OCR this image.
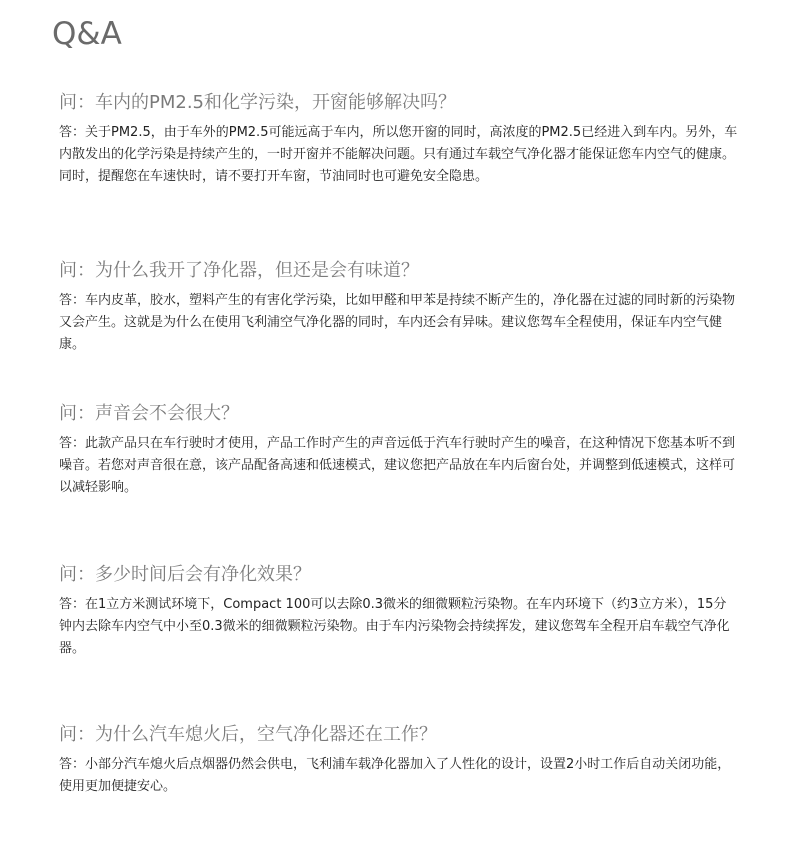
Q&A

问：车内的PM2.5和化学污染，开窗能够解决吗？

答：关于PM2.5，由于车外的PM2.5可能远高于车内，所以您开窗的同时，高浓度的PM2.5已经进入到车内。另外，车内散发出的化学污染是持续产生的，一时开窗并不能解决问题。只有通过车载空气净化器才能保证您车内空气的健康。同时，提醒您在车速快时，请不要打开车窗，节油同时也可避免安全隐患。

问：为什么我开了净化器，但还是会有味道？

答：车内皮革，胶水，塑料产生的有害化学污染，比如甲醛和甲苯是持续不断产生的，净化器在过滤的同时新的污染物又会产生。这就是为什么在使用飞利浦空气净化器的同时，车内还会有异味。建议您驾车全程使用，保证车内空气健康。

问：声音会不会很大？

答：此款产品只在车行驶时才使用，产品工作时产生的声音远低于汽车行驶时产生的噪音，在这种情况下您基本听不到噪音。若您对声音很在意，该产品配备高速和低速模式，建议您把产品放在车内后窗台处，并调整到低速模式，这样可以减轻影响。

问：多少时间后会有净化效果？

答：在1立方米测试环境下，Compact 100可以去除0.3微米的细微颗粒污染物。在车内环境下（约3立方米），15分钟内去除车内空气中小至0.3微米的细微颗粒污染物。由于车内污染物会持续挥发，建议您驾车全程开启车载空气净化器。

问：为什么汽车熄火后，空气净化器还在工作？

答：小部分汽车熄火后点烟器仍然会供电，飞利浦车载净化器加入了人性化的设计，设置2小时工作后自动关闭功能，使用更加便捷安心。
